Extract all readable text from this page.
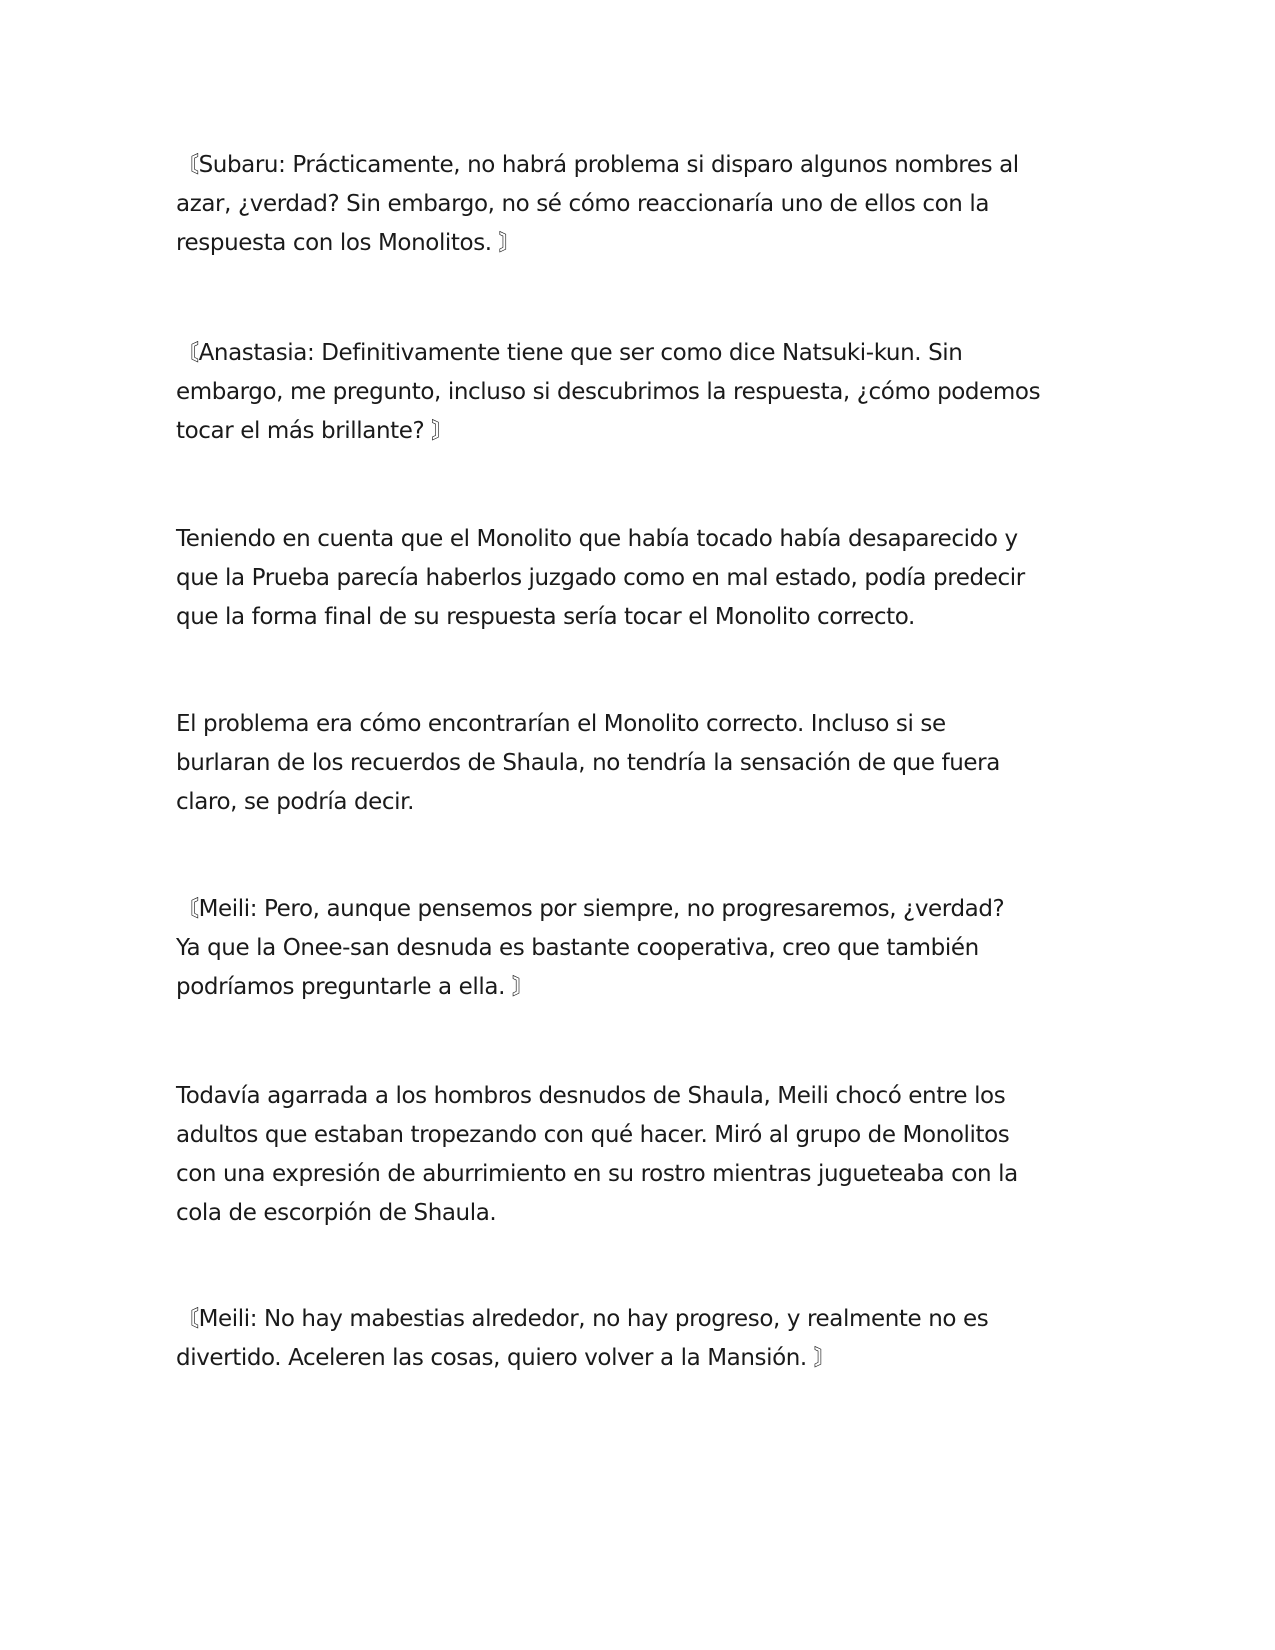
〘Subaru: Prácticamente, no habrá problema si disparo algunos nombres al
azar, ¿verdad? Sin embargo, no sé cómo reaccionaría uno de ellos con la
respuesta con los Monolitos. 〙

〘Anastasia: Definitivamente tiene que ser como dice Natsuki-kun. Sin
embargo, me pregunto, incluso si descubrimos la respuesta, ¿cómo podemos
tocar el más brillante? 〙

Teniendo en cuenta que el Monolito que había tocado había desaparecido y
que la Prueba parecía haberlos juzgado como en mal estado, podía predecir
que la forma final de su respuesta sería tocar el Monolito correcto.

El problema era cómo encontrarían el Monolito correcto. Incluso si se
burlaran de los recuerdos de Shaula, no tendría la sensación de que fuera
claro, se podría decir.

〘Meili: Pero, aunque pensemos por siempre, no progresaremos, ¿verdad?
Ya que la Onee-san desnuda es bastante cooperativa, creo que también
podríamos preguntarle a ella. 〙

Todavía agarrada a los hombros desnudos de Shaula, Meili chocó entre los
adultos que estaban tropezando con qué hacer. Miró al grupo de Monolitos
con una expresión de aburrimiento en su rostro mientras jugueteaba con la
cola de escorpión de Shaula.

〘Meili: No hay mabestias alrededor, no hay progreso, y realmente no es
divertido. Aceleren las cosas, quiero volver a la Mansión. 〙
